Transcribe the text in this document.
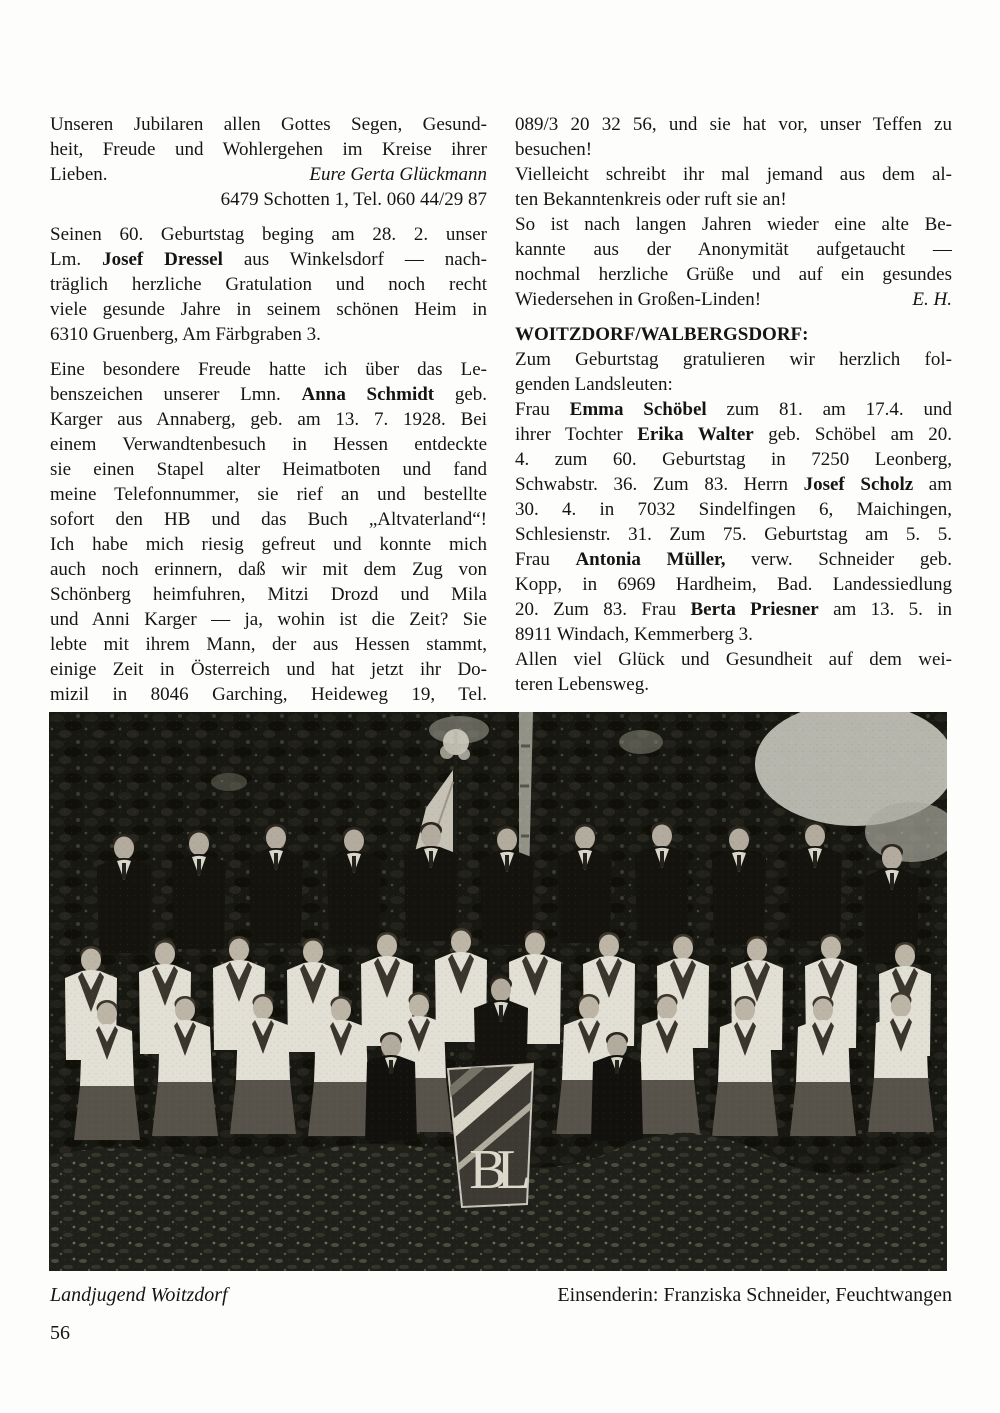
Unseren Jubilaren allen Gottes Segen, Gesund-
heit, Freude und Wohlergehen im Kreise ihrer
Lieben.	Eure Gerta Glückmann
6479 Schotten 1, Tel. 060 44/29 87
Seinen 60. Geburtstag beging am 28. 2. unser
Lm. Josef Dressel aus Winkelsdorf — nach-
träglich herzliche Gratulation und noch recht
viele gesunde Jahre in seinem schönen Heim in
6310 Gruenberg, Am Färbgraben 3.
Eine besondere Freude hatte ich über das Le-
benszeichen unserer Lmn. Anna Schmidt geb.
Karger aus Annaberg, geb. am 13. 7. 1928. Bei
einem Verwandtenbesuch in Hessen entdeckte
sie einen Stapel alter Heimatboten und fand
meine Telefonnummer, sie rief an und bestellte
sofort den HB und das Buch „Altvaterland“!
Ich habe mich riesig gefreut und konnte mich
auch noch erinnern, daß wir mit dem Zug von
Schönberg heimfuhren, Mitzi Drozd und Mila
und Anni Karger — ja, wohin ist die Zeit? Sie
lebte mit ihrem Mann, der aus Hessen stammt,
einige Zeit in Österreich und hat jetzt ihr Do-
mizil in 8046 Garching, Heideweg 19, Tel.
089/3 20 32 56, und sie hat vor, unser Teffen zu
besuchen!
Vielleicht schreibt ihr mal jemand aus dem al-
ten Bekanntenkreis oder ruft sie an!
So ist nach langen Jahren wieder eine alte Be-
kannte aus der Anonymität aufgetaucht —
nochmal herzliche Grüße und auf ein gesundes
Wiedersehen in Großen-Linden!	E. H.
WOITZDORF/WALBERGSDORF:
Zum Geburtstag gratulieren wir herzlich fol-
genden Landsleuten:
Frau Emma Schöbel zum 81. am 17.4. und
ihrer Tochter Erika Walter geb. Schöbel am 20.
4. zum 60. Geburtstag in 7250 Leonberg,
Schwabstr. 36. Zum 83. Herrn Josef Scholz am
30. 4. in 7032 Sindelfingen 6, Maichingen,
Schlesienstr. 31. Zum 75. Geburtstag am 5. 5.
Frau Antonia Müller, verw. Schneider geb.
Kopp, in 6969 Hardheim, Bad. Landessiedlung
20. Zum 83. Frau Berta Priesner am 13. 5. in
8911 Windach, Kemmerberg 3.
Allen viel Glück und Gesundheit auf dem wei-
teren Lebensweg.
BL
Landjugend Woitzdorf	Einsenderin: Franziska Schneider, Feuchtwangen
56
